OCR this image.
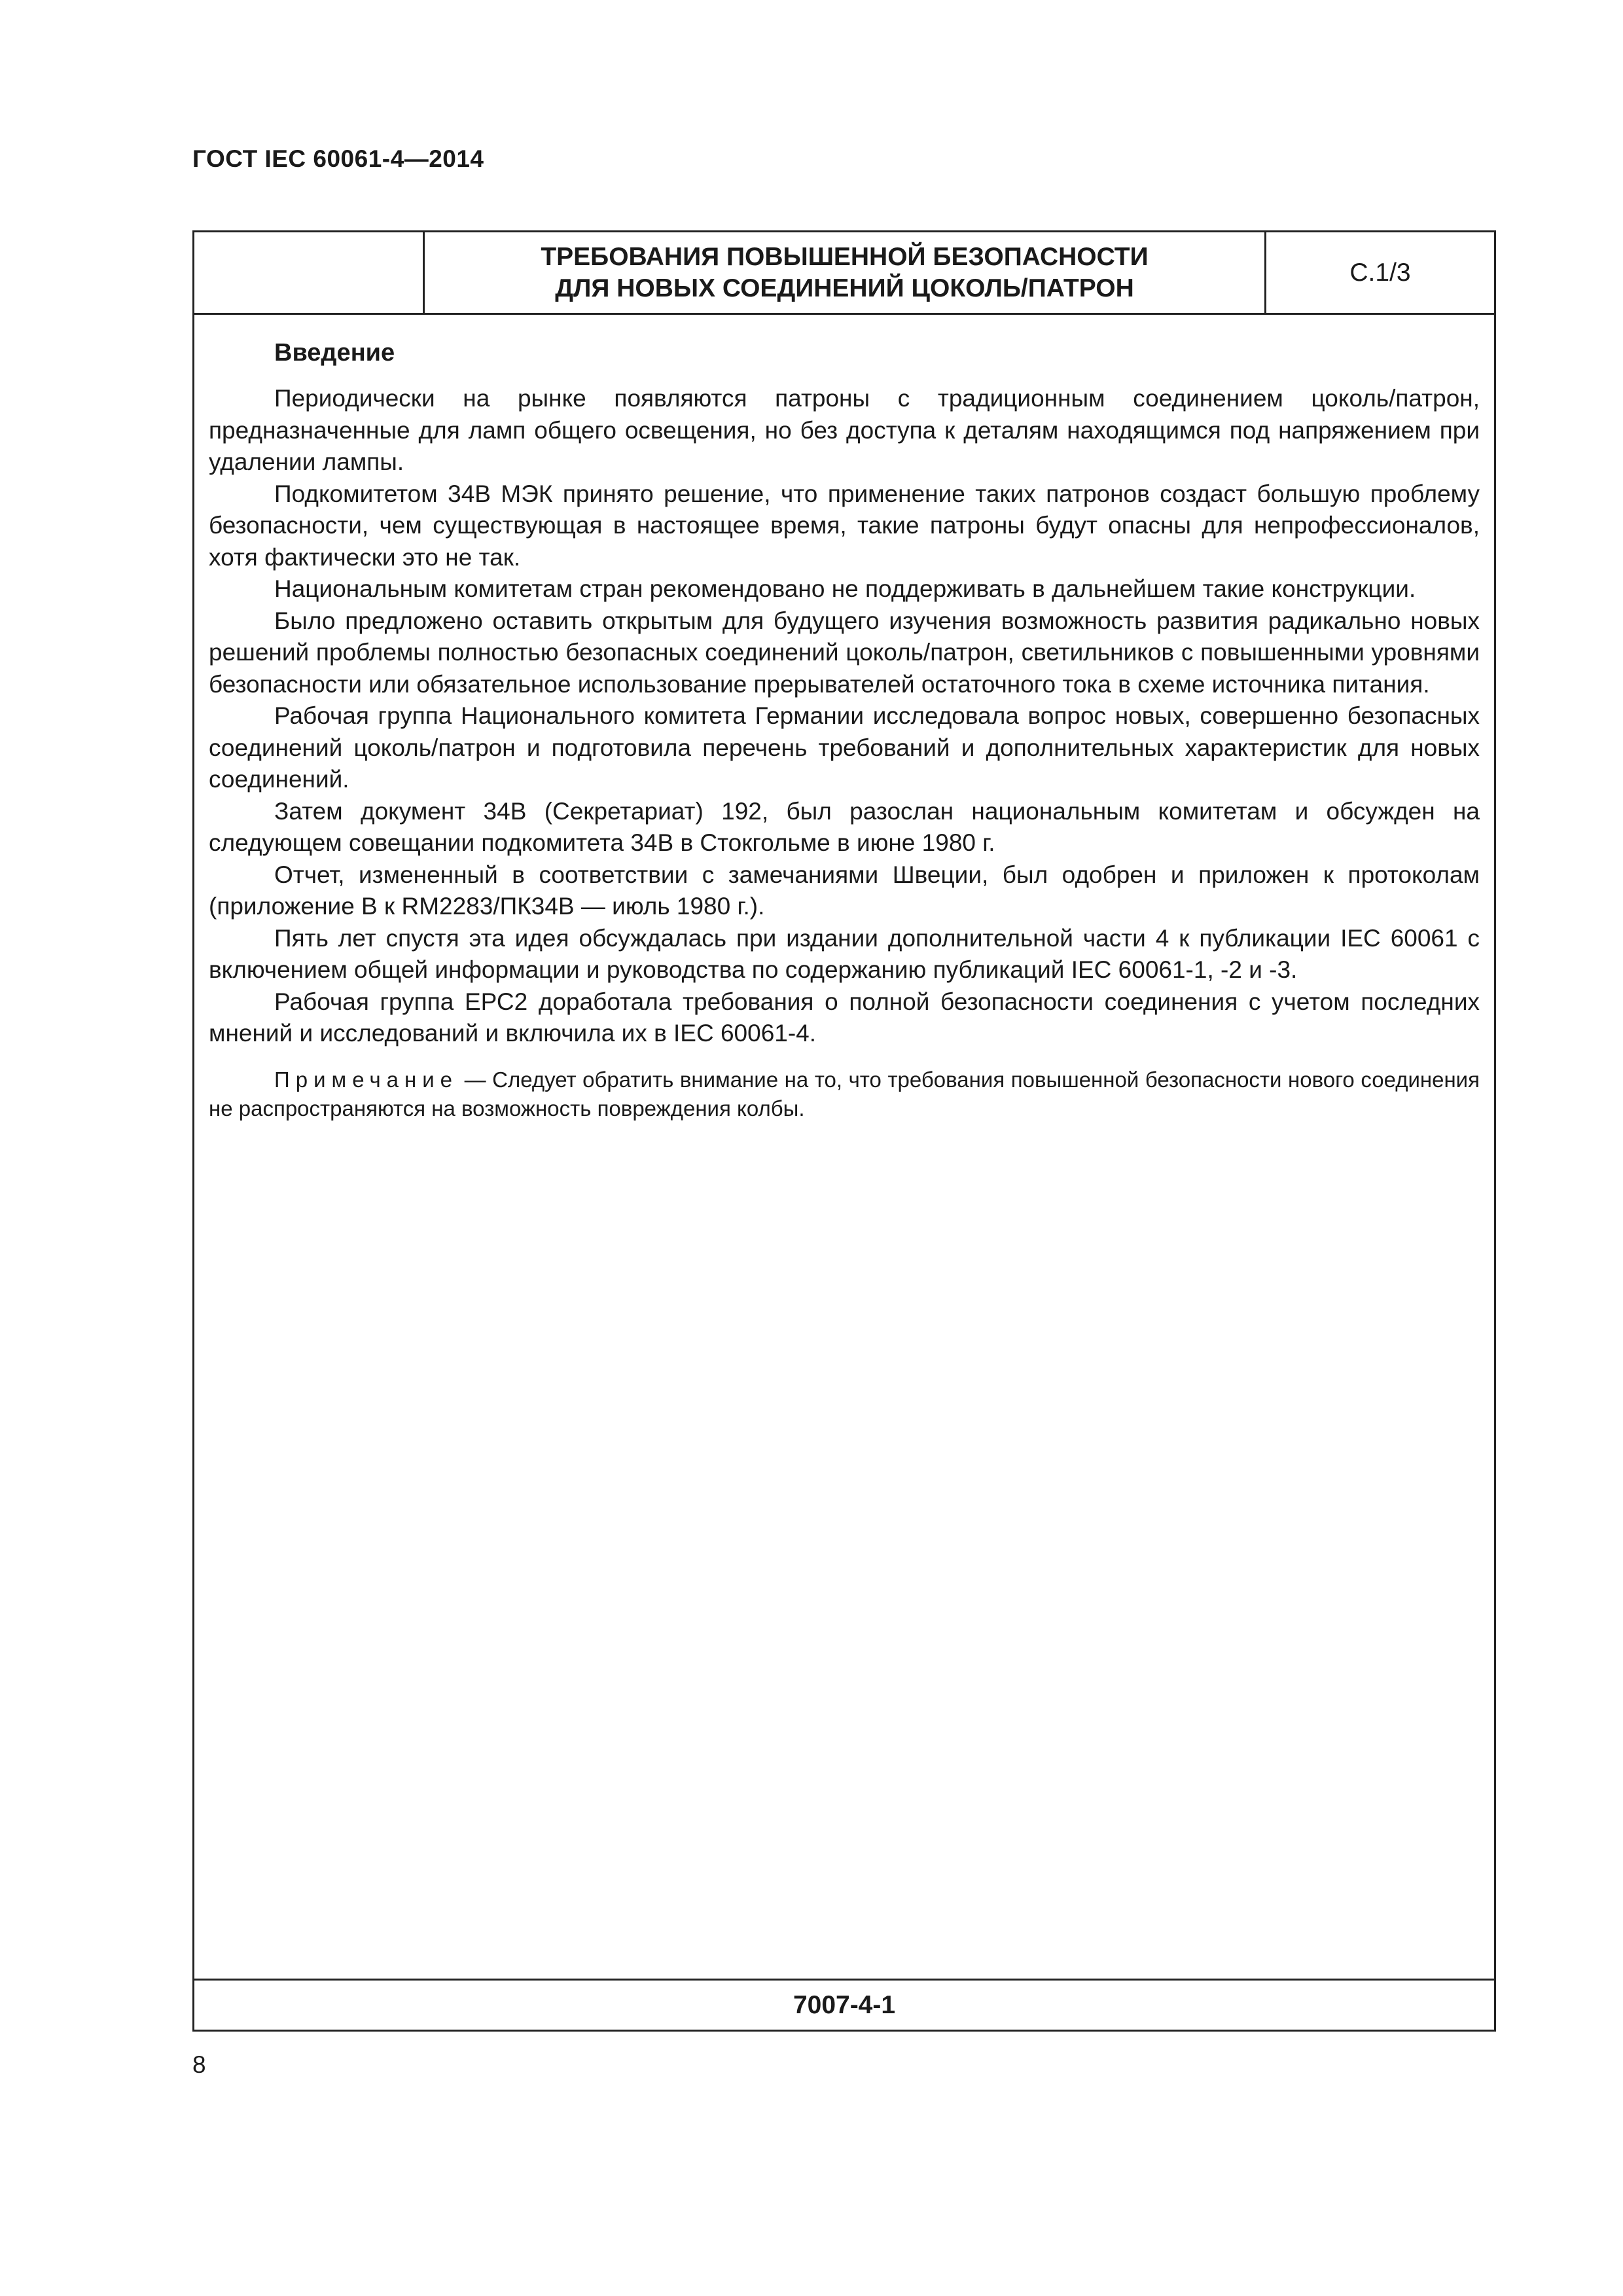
ГОСТ IEC 60061-4—2014
ТРЕБОВАНИЯ ПОВЫШЕННОЙ БЕЗОПАСНОСТИ
ДЛЯ НОВЫХ СОЕДИНЕНИЙ ЦОКОЛЬ/ПАТРОН
С.1/3
Введение

Периодически на рынке появляются патроны с традиционным соединением цоколь/патрон, предназначенные для ламп общего освещения, но без доступа к деталям находящимся под напряжением при удалении лампы.

Подкомитетом 34В МЭК принято решение, что применение таких патронов создаст большую проблему безопасности, чем существующая в настоящее время, такие патроны будут опасны для непрофессионалов, хотя фактически это не так.

Национальным комитетам стран рекомендовано не поддерживать в дальнейшем такие конструкции.

Было предложено оставить открытым для будущего изучения возможность развития радикально новых решений проблемы полностью безопасных соединений цоколь/патрон, светильников с повышенными уровнями безопасности или обязательное использование прерывателей остаточного тока в схеме источника питания.

Рабочая группа Национального комитета Германии исследовала вопрос новых, совершенно безопасных соединений цоколь/патрон и подготовила перечень требований и дополнительных характеристик для новых соединений.

Затем документ 34В (Секретариат) 192, был разослан национальным комитетам и обсужден на следующем совещании подкомитета 34В в Стокгольме в июне 1980 г.

Отчет, измененный в соответствии с замечаниями Швеции, был одобрен и приложен к протоколам (приложение В к RM2283/ПК34В — июль 1980 г.).

Пять лет спустя эта идея обсуждалась при издании дополнительной части 4 к публикации IEC 60061 с включением общей информации и руководства по содержанию публикаций IEC 60061-1, -2 и -3.

Рабочая группа ЕРС2 доработала требования о полной безопасности соединения с учетом последних мнений и исследований и включила их в IEC 60061-4.

Примечание — Следует обратить внимание на то, что требования повышенной безопасности нового соединения не распространяются на возможность повреждения колбы.

7007-4-1
8
